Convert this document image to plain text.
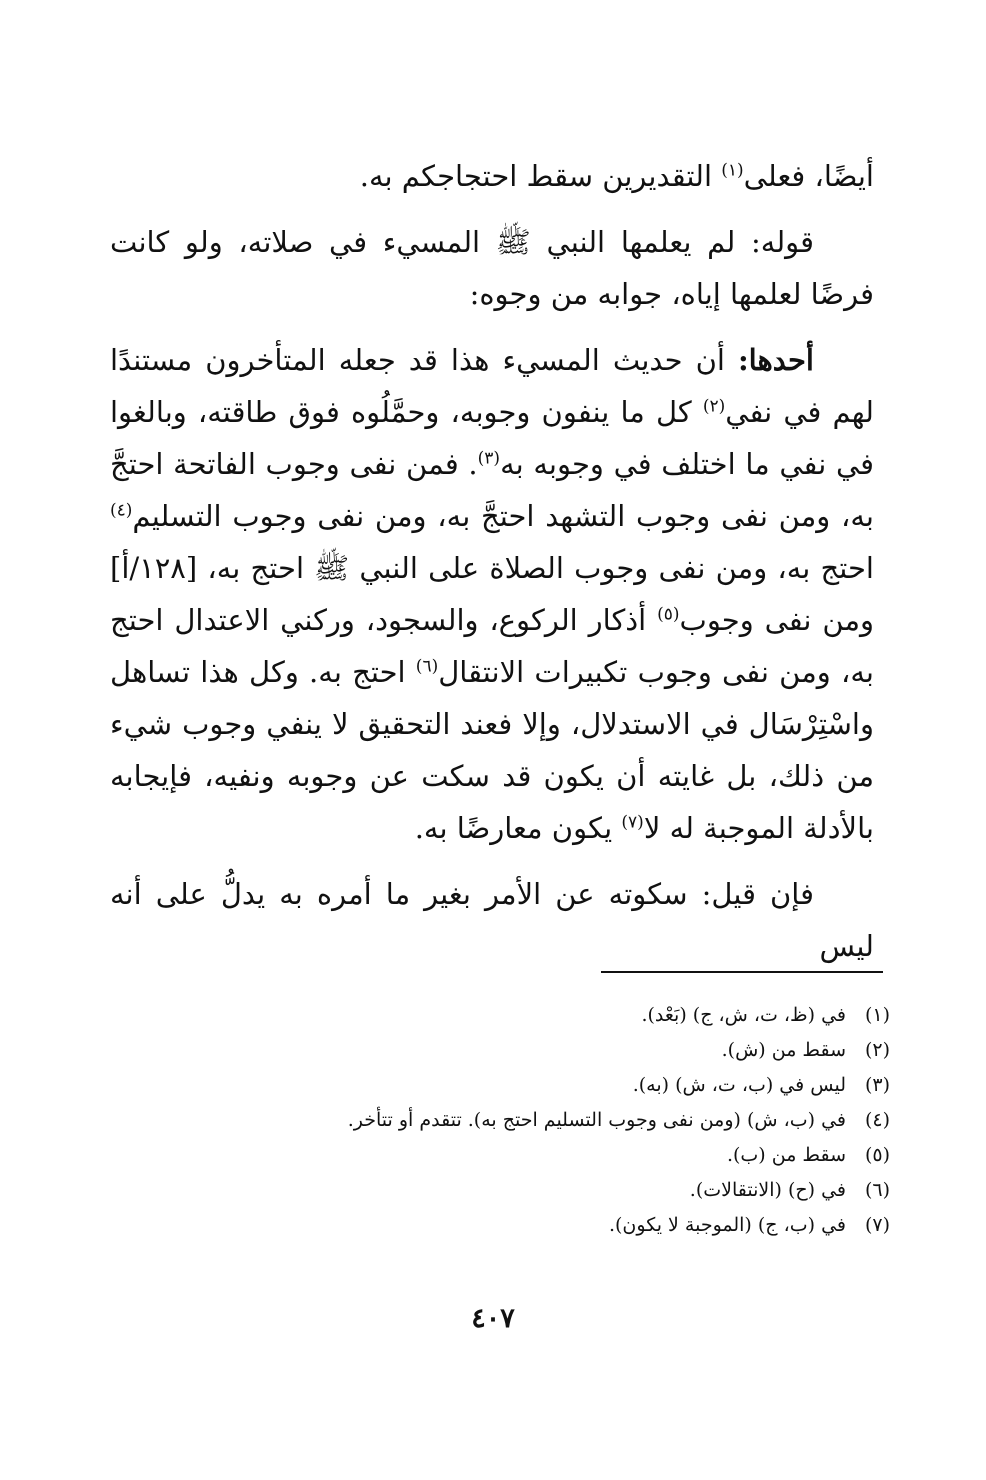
أيضًا، فعلى$^{(١)}$ التقديرين سقط احتجاجكم به.

قوله: لم يعلمها النبي ﷺ المسيء في صلاته، ولو كانت فرضًا لعلمها إياه، جوابه من وجوه:

أحدها: أن حديث المسيء هذا قد جعله المتأخرون مستندًا لهم في نفي$^{(٢)}$ كل ما ينفون وجوبه، وحمَّلُوه فوق طاقته، وبالغوا في نفي ما اختلف في وجوبه به$^{(٣)}$. فمن نفى وجوب الفاتحة احتجَّ به، ومن نفى وجوب التشهد احتجَّ به، ومن نفى وجوب التسليم$^{(٤)}$ احتج به، ومن نفى وجوب الصلاة على النبي ﷺ احتج به، [١٢٨/أ] ومن نفى وجوب$^{(٥)}$ أذكار الركوع، والسجود، وركني الاعتدال احتج به، ومن نفى وجوب تكبيرات الانتقال$^{(٦)}$ احتج به. وكل هذا تساهل واسْتِرْسَال في الاستدلال، وإلا فعند التحقيق لا ينفي وجوب شيء من ذلك، بل غايته أن يكون قد سكت عن وجوبه ونفيه، فإيجابه بالأدلة الموجبة له لا$^{(٧)}$ يكون معارضًا به.

فإن قيل: سكوته عن الأمر بغير ما أمره به يدلُّ على أنه ليس

(١)
في (ظ، ت، ش، ج) (بَعْد).
(٢)
سقط من (ش).
(٣)
ليس في (ب، ت، ش) (به).
(٤)
في (ب، ش) (ومن نفى وجوب التسليم احتج به). تتقدم أو تتأخر.
(٥)
سقط من (ب).
(٦)
في (ح) (الانتقالات).
(٧)
في (ب، ج) (الموجبة لا يكون).
٤٠٧
